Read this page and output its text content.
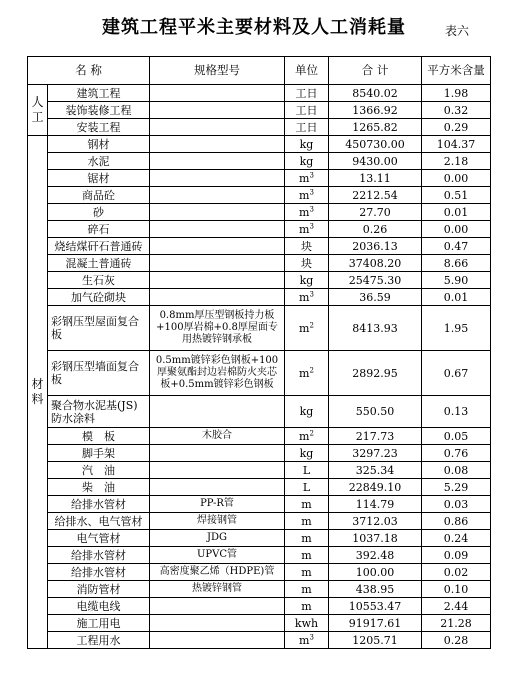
建筑工程平米主要材料及人工消耗量	表六
名 称		规格型号	单位	合 计	平方米含量
人工	建筑工程		工日	8540.02	1.98
	装饰装修工程		工日	1366.92	0.32
	安装工程		工日	1265.82	0.29
材料	钢材		kg	450730.00	104.37
	水泥		kg	9430.00	2.18
	锯材		$m^3$	13.11	0.00
	商品砼		$m^3$	2212.54	0.51
	砂		$m^3$	27.70	0.01
	碎石		$m^3$	0.26	0.00
	烧结煤矸石普通砖		块	2036.13	0.47
	混凝土普通砖		块	37408.20	8.66
	生石灰		kg	25475.30	5.90
	加气砼砌块		$m^3$	36.59	0.01
	彩钢压型屋面复合板	0.8mm厚压型钢板持力板+100厚岩棉+0.8厚屋面专用热镀锌钢承板	$m^2$	8413.93	1.95
	彩钢压型墙面复合板	0.5mm镀锌彩色钢板+100厚聚氨酯封边岩棉防火夹芯板+0.5mm镀锌彩色钢板	$m^2$	2892.95	0.67
	聚合物水泥基(JS)防水涂料		kg	550.50	0.13
	模　板	木胶合	$m^2$	217.73	0.05
	脚手架		kg	3297.23	0.76
	汽　油		L	325.34	0.08
	柴　油		L	22849.10	5.29
	给排水管材	PP-R管	m	114.79	0.03
	给排水、电气管材	焊接钢管	m	3712.03	0.86
	电气管材	JDG	m	1037.18	0.24
	给排水管材	UPVC管	m	392.48	0.09
	给排水管材	高密度聚乙烯（HDPE)管	m	100.00	0.02
	消防管材	热镀锌钢管	m	438.95	0.10
	电缆电线		m	10553.47	2.44
	施工用电		kwh	91917.61	21.28
	工程用水		$m^3$	1205.71	0.28
